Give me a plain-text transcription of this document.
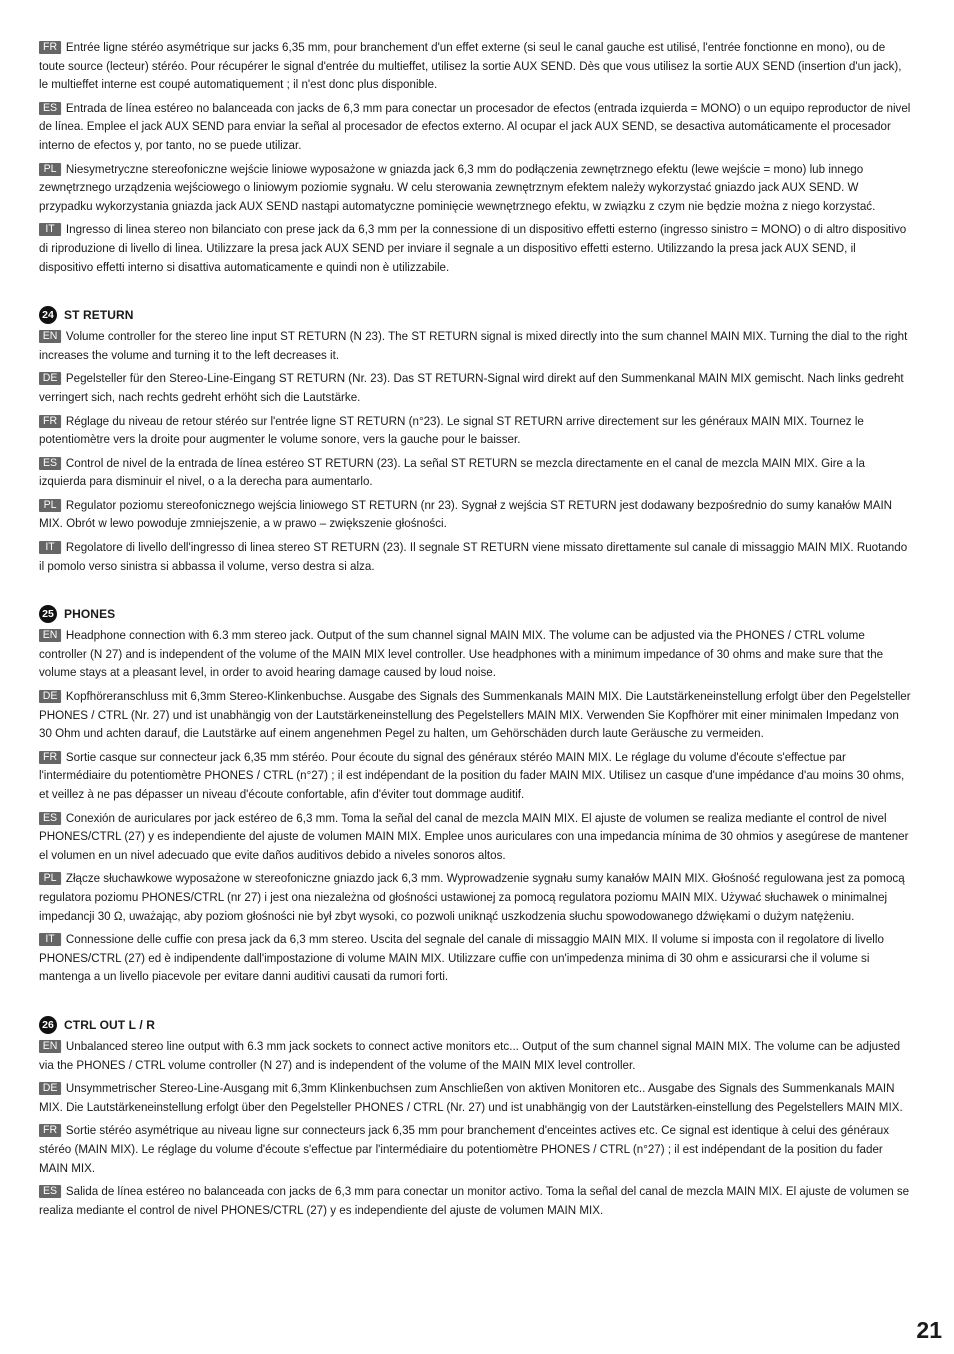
FR Entrée ligne stéréo asymétrique sur jacks 6,35 mm, pour branchement d'un effet externe (si seul le canal gauche est utilisé, l'entrée fonctionne en mono), ou de toute source (lecteur) stéréo. Pour récupérer le signal d'entrée du multieffet, utilisez la sortie AUX SEND. Dès que vous utilisez la sortie AUX SEND (insertion d'un jack), le multieffet interne est coupé automatiquement ; il n'est donc plus disponible.
ES Entrada de línea estéreo no balanceada con jacks de 6,3 mm para conectar un procesador de efectos (entrada izquierda = MONO) o un equipo reproductor de nivel de línea. Emplee el jack AUX SEND para enviar la señal al procesador de efectos externo. Al ocupar el jack AUX SEND, se desactiva automáticamente el procesador interno de efectos y, por tanto, no se puede utilizar.
PL Niesymetryczne stereofoniczne wejście liniowe wyposażone w gniazda jack 6,3 mm do podłączenia zewnętrznego efektu (lewe wejście = mono) lub innego zewnętrznego urządzenia wejściowego o liniowym poziomie sygnału. W celu sterowania zewnętrznym efektem należy wykorzystać gniazdo jack AUX SEND. W przypadku wykorzystania gniazda jack AUX SEND nastąpi automatyczne pominięcie wewnętrznego efektu, w związku z czym nie będzie można z niego korzystać.
IT Ingresso di linea stereo non bilanciato con prese jack da 6,3 mm per la connessione di un dispositivo effetti esterno (ingresso sinistro = MONO) o di altro dispositivo di riproduzione di livello di linea. Utilizzare la presa jack AUX SEND per inviare il segnale a un dispositivo effetti esterno. Utilizzando la presa jack AUX SEND, il dispositivo effetti interno si disattiva automaticamente e quindi non è utilizzabile.
24 ST RETURN
EN Volume controller for the stereo line input ST RETURN (N 23). The ST RETURN signal is mixed directly into the sum channel MAIN MIX. Turning the dial to the right increases the volume and turning it to the left decreases it.
DE Pegelsteller für den Stereo-Line-Eingang ST RETURN (Nr. 23). Das ST RETURN-Signal wird direkt auf den Summenkanal MAIN MIX gemischt. Nach links gedreht verringert sich, nach rechts gedreht erhöht sich die Lautstärke.
FR Réglage du niveau de retour stéréo sur l'entrée ligne ST RETURN (n°23). Le signal ST RETURN arrive directement sur les généraux MAIN MIX. Tournez le potentiomètre vers la droite pour augmenter le volume sonore, vers la gauche pour le baisser.
ES Control de nivel de la entrada de línea estéreo ST RETURN (23). La señal ST RETURN se mezcla directamente en el canal de mezcla MAIN MIX. Gire a la izquierda para disminuir el nivel, o a la derecha para aumentarlo.
PL Regulator poziomu stereofonicznego wejścia liniowego ST RETURN (nr 23). Sygnał z wejścia ST RETURN jest dodawany bezpośrednio do sumy kanałów MAIN MIX. Obrót w lewo powoduje zmniejszenie, a w prawo – zwiększenie głośności.
IT Regolatore di livello dell'ingresso di linea stereo ST RETURN (23). Il segnale ST RETURN viene missato direttamente sul canale di missaggio MAIN MIX. Ruotando il pomolo verso sinistra si abbassa il volume, verso destra si alza.
25 PHONES
EN Headphone connection with 6.3 mm stereo jack. Output of the sum channel signal MAIN MIX. The volume can be adjusted via the PHONES / CTRL volume controller (N 27) and is independent of the volume of the MAIN MIX level controller. Use headphones with a minimum impedance of 30 ohms and make sure that the volume stays at a pleasant level, in order to avoid hearing damage caused by loud noise.
DE Kopfhöreranschluss mit 6,3mm Stereo-Klinkenbuchse. Ausgabe des Signals des Summenkanals MAIN MIX. Die Lautstärkeneinstellung erfolgt über den Pegelsteller PHONES / CTRL (Nr. 27) und ist unabhängig von der Lautstärkeneinstellung des Pegelstellers MAIN MIX. Verwenden Sie Kopfhörer mit einer minimalen Impedanz von 30 Ohm und achten darauf, die Lautstärke auf einem angenehmen Pegel zu halten, um Gehörschäden durch laute Geräusche zu vermeiden.
FR Sortie casque sur connecteur jack 6,35 mm stéréo. Pour écoute du signal des généraux stéréo MAIN MIX. Le réglage du volume d'écoute s'effectue par l'intermédiaire du potentiomètre PHONES / CTRL (n°27) ; il est indépendant de la position du fader MAIN MIX. Utilisez un casque d'une impédance d'au moins 30 ohms, et veillez à ne pas dépasser un niveau d'écoute confortable, afin d'éviter tout dommage auditif.
ES Conexión de auriculares por jack estéreo de 6,3 mm. Toma la señal del canal de mezcla MAIN MIX. El ajuste de volumen se realiza mediante el control de nivel PHONES/CTRL (27) y es independiente del ajuste de volumen MAIN MIX. Emplee unos auriculares con una impedancia mínima de 30 ohmios y asegúrese de mantener el volumen en un nivel adecuado que evite daños auditivos debido a niveles sonoros altos.
PL Złącze słuchawkowe wyposażone w stereofoniczne gniazdo jack 6,3 mm. Wyprowadzenie sygnału sumy kanałów MAIN MIX. Głośność regulowana jest za pomocą regulatora poziomu PHONES/CTRL (nr 27) i jest ona niezależna od głośności ustawionej za pomocą regulatora poziomu MAIN MIX. Używać słuchawek o minimalnej impedancji 30 Ω, uważając, aby poziom głośności nie był zbyt wysoki, co pozwoli uniknąć uszkodzenia słuchu spowodowanego dźwiękami o dużym natężeniu.
IT Connessione delle cuffie con presa jack da 6,3 mm stereo. Uscita del segnale del canale di missaggio MAIN MIX. Il volume si imposta con il regolatore di livello PHONES/CTRL (27) ed è indipendente dall'impostazione di volume MAIN MIX. Utilizzare cuffie con un'impedenza minima di 30 ohm e assicurarsi che il volume si mantenga a un livello piacevole per evitare danni auditivi causati da rumori forti.
26 CTRL OUT L / R
EN Unbalanced stereo line output with 6.3 mm jack sockets to connect active monitors etc... Output of the sum channel signal MAIN MIX. The volume can be adjusted via the PHONES / CTRL volume controller (N 27) and is independent of the volume of the MAIN MIX level controller.
DE Unsymmetrischer Stereo-Line-Ausgang mit 6,3mm Klinkenbuchsen zum Anschließen von aktiven Monitoren etc.. Ausgabe des Signals des Summenkanals MAIN MIX. Die Lautstärkeneinstellung erfolgt über den Pegelsteller PHONES / CTRL (Nr. 27) und ist unabhängig von der Lautstärken-einstellung des Pegelstellers MAIN MIX.
FR Sortie stéréo asymétrique au niveau ligne sur connecteurs jack 6,35 mm pour branchement d'enceintes actives etc. Ce signal est identique à celui des généraux stéréo (MAIN MIX). Le réglage du volume d'écoute s'effectue par l'intermédiaire du potentiomètre PHONES / CTRL (n°27) ; il est indépendant de la position du fader MAIN MIX.
ES Salida de línea estéreo no balanceada con jacks de 6,3 mm para conectar un monitor activo. Toma la señal del canal de mezcla MAIN MIX. El ajuste de volumen se realiza mediante el control de nivel PHONES/CTRL (27) y es independiente del ajuste de volumen MAIN MIX.
21
